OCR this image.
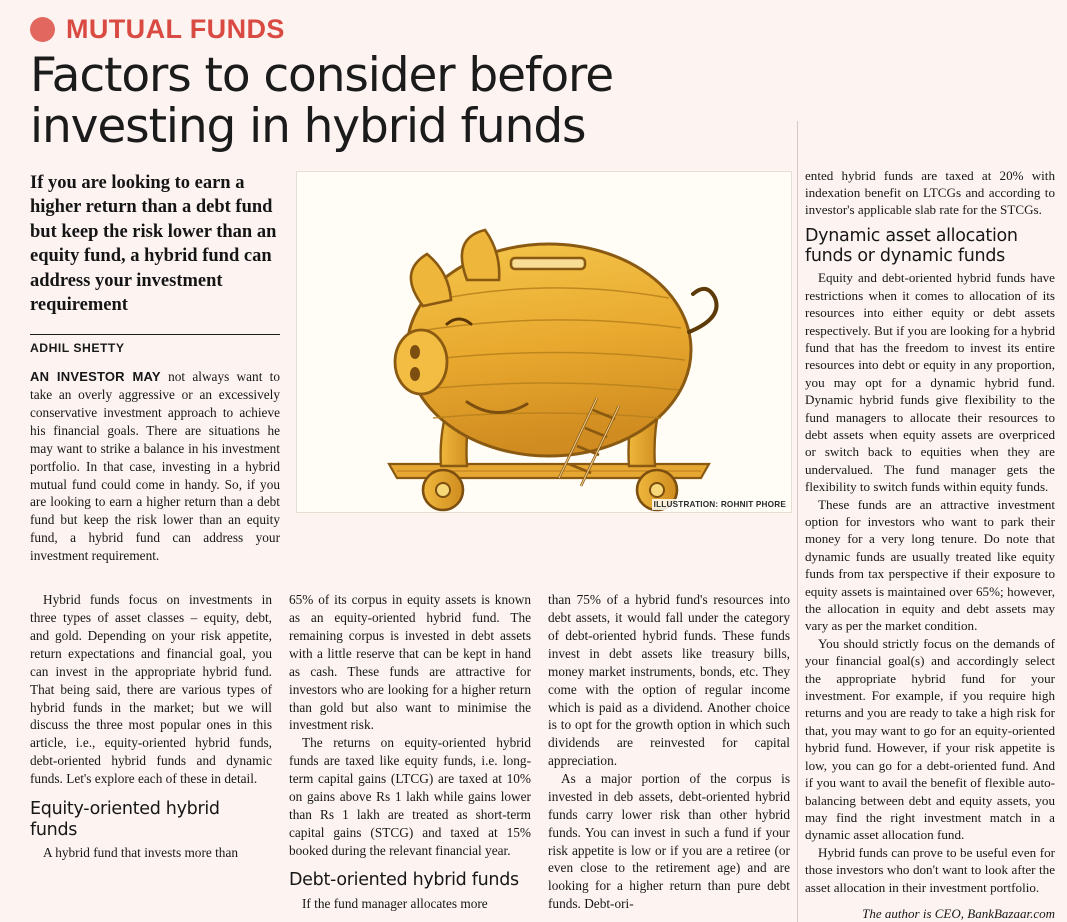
MUTUAL FUNDS
Factors to consider before investing in hybrid funds
If you are looking to earn a higher return than a debt fund but keep the risk lower than an equity fund, a hybrid fund can address your investment requirement
ADHIL SHETTY

AN INVESTOR MAY not always want to take an overly aggressive or an excessively conservative investment approach to achieve his financial goals. There are situations he may want to strike a balance in his investment portfolio. In that case, investing in a hybrid mutual fund could come in handy. So, if you are looking to earn a higher return than a debt fund but keep the risk lower than an equity fund, a hybrid fund can address your investment requirement.

ILLUSTRATION: ROHNIT PHORE

Hybrid funds focus on investments in three types of asset classes – equity, debt, and gold. Depending on your risk appetite, return expectations and financial goal, you can invest in the appropriate hybrid fund. That being said, there are various types of hybrid funds in the market; but we will discuss the three most popular ones in this article, i.e., equity-oriented hybrid funds, debt-oriented hybrid funds and dynamic funds. Let's explore each of these in detail.

Equity-oriented hybrid funds

A hybrid fund that invests more than

65% of its corpus in equity assets is known as an equity-oriented hybrid fund. The remaining corpus is invested in debt assets with a little reserve that can be kept in hand as cash. These funds are attractive for investors who are looking for a higher return than gold but also want to minimise the investment risk.

The returns on equity-oriented hybrid funds are taxed like equity funds, i.e. long-term capital gains (LTCG) are taxed at 10% on gains above Rs 1 lakh while gains lower than Rs 1 lakh are treated as short-term capital gains (STCG) and taxed at 15% booked during the relevant financial year.

Debt-oriented hybrid funds

If the fund manager allocates more

than 75% of a hybrid fund's resources into debt assets, it would fall under the category of debt-oriented hybrid funds. These funds invest in debt assets like treasury bills, money market instruments, bonds, etc. They come with the option of regular income which is paid as a dividend. Another choice is to opt for the growth option in which such dividends are reinvested for capital appreciation.

As a major portion of the corpus is invested in deb assets, debt-oriented hybrid funds carry lower risk than other hybrid funds. You can invest in such a fund if your risk appetite is low or if you are a retiree (or even close to the retirement age) and are looking for a higher return than pure debt funds. Debt-ori-

ented hybrid funds are taxed at 20% with indexation benefit on LTCGs and according to investor's applicable slab rate for the STCGs.

Dynamic asset allocation funds or dynamic funds

Equity and debt-oriented hybrid funds have restrictions when it comes to allocation of its resources into either equity or debt assets respectively. But if you are looking for a hybrid fund that has the freedom to invest its entire resources into debt or equity in any proportion, you may opt for a dynamic hybrid fund. Dynamic hybrid funds give flexibility to the fund managers to allocate their resources to debt assets when equity assets are overpriced or switch back to equities when they are undervalued. The fund manager gets the flexibility to switch funds within equity funds.

These funds are an attractive investment option for investors who want to park their money for a very long tenure. Do note that dynamic funds are usually treated like equity funds from tax perspective if their exposure to equity assets is maintained over 65%; however, the allocation in equity and debt assets may vary as per the market condition.

You should strictly focus on the demands of your financial goal(s) and accordingly select the appropriate hybrid fund for your investment. For example, if you require high returns and you are ready to take a high risk for that, you may want to go for an equity-oriented hybrid fund. However, if your risk appetite is low, you can go for a debt-oriented fund. And if you want to avail the benefit of flexible auto-balancing between debt and equity assets, you may find the right investment match in a dynamic asset allocation fund.

Hybrid funds can prove to be useful even for those investors who don't want to look after the asset allocation in their investment portfolio.

The author is CEO, BankBazaar.com
